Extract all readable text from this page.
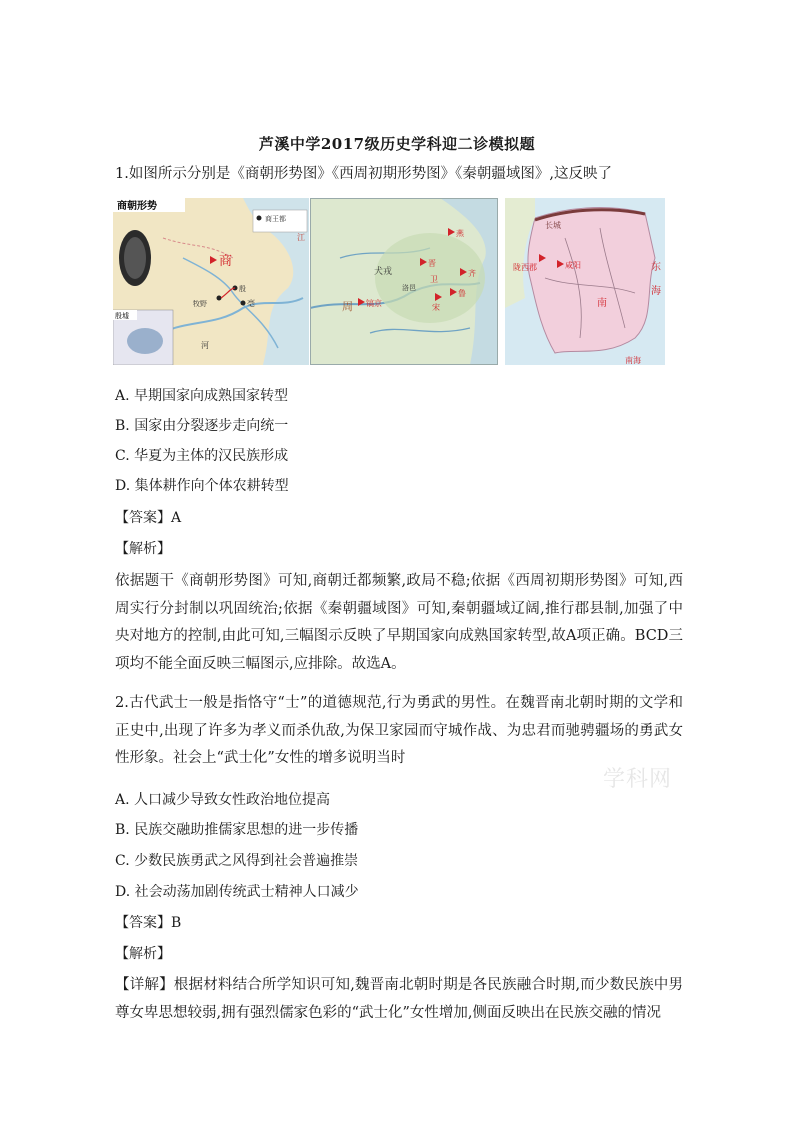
芦溪中学2017级历史学科迎二诊模拟题
1.如图所示分别是《商朝形势图》《西周初期形势图》《秦朝疆域图》,这反映了
商朝形势
殷墟
商王都
商
殷
牧野	亳
江
河
犬戎
周 镐京
齐
鲁
燕
晋
宋
卫
洛邑
长城
陇西郡	咸阳	东
海
南
南海
A. 早期国家向成熟国家转型
B. 国家由分裂逐步走向统一
C. 华夏为主体的汉民族形成
D. 集体耕作向个体农耕转型
【答案】A
【解析】
依据题干《商朝形势图》可知,商朝迁都频繁,政局不稳;依据《西周初期形势图》可知,西周实行分封制以巩固统治;依据《秦朝疆域图》可知,秦朝疆域辽阔,推行郡县制,加强了中央对地方的控制,由此可知,三幅图示反映了早期国家向成熟国家转型,故A项正确。BCD三项均不能全面反映三幅图示,应排除。故选A。
2.古代武士一般是指恪守“士”的道德规范,行为勇武的男性。在魏晋南北朝时期的文学和正史中,出现了许多为孝义而杀仇敌,为保卫家园而守城作战、为忠君而驰骋疆场的勇武女性形象。社会上“武士化”女性的增多说明当时
A. 人口减少导致女性政治地位提高
B. 民族交融助推儒家思想的进一步传播
C. 少数民族勇武之风得到社会普遍推崇
D. 社会动荡加剧传统武士精神人口减少
【答案】B
【解析】
【详解】根据材料结合所学知识可知,魏晋南北朝时期是各民族融合时期,而少数民族中男尊女卑思想较弱,拥有强烈儒家色彩的“武士化”女性增加,侧面反映出在民族交融的情况
学科网
